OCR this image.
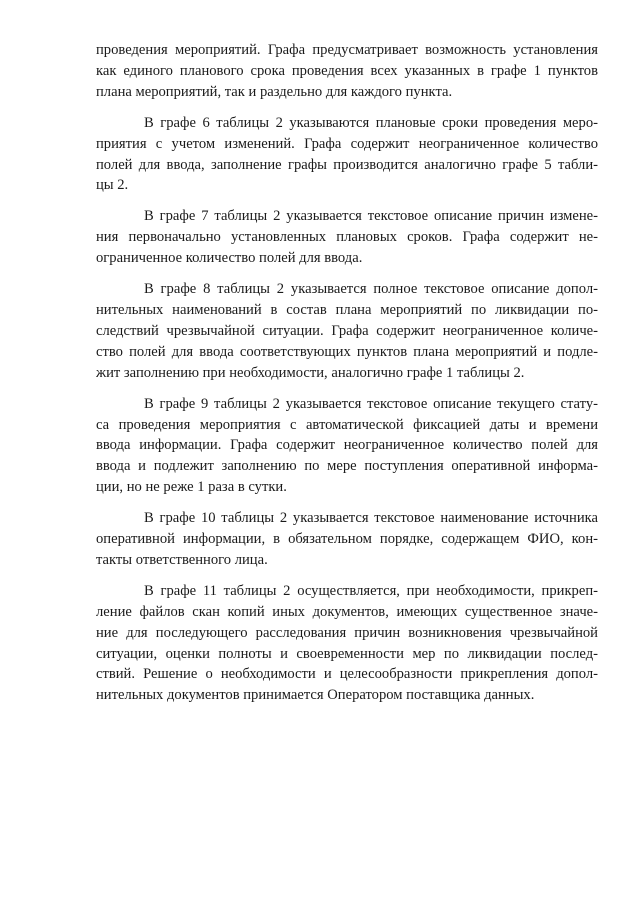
проведения мероприятий. Графа предусматривает возможность установления
как единого планового срока проведения всех указанных в графе 1 пунктов
плана мероприятий, так и раздельно для каждого пункта.
В графе 6 таблицы 2 указываются плановые сроки проведения меро-
приятия с учетом изменений. Графа содержит неограниченное количество
полей для ввода, заполнение графы производится аналогично графе 5 табли-
цы 2.
В графе 7 таблицы 2 указывается текстовое описание причин измене-
ния первоначально установленных плановых сроков. Графа содержит не-
ограниченное количество полей для ввода.
В графе 8 таблицы 2 указывается полное текстовое описание допол-
нительных наименований в состав плана мероприятий по ликвидации по-
следствий чрезвычайной ситуации. Графа содержит неограниченное количе-
ство полей для ввода соответствующих пунктов плана мероприятий и подле-
жит заполнению при необходимости, аналогично графе 1 таблицы 2.
В графе 9 таблицы 2 указывается текстовое описание текущего стату-
са проведения мероприятия с автоматической фиксацией даты и времени
ввода информации. Графа содержит неограниченное количество полей для
ввода и подлежит заполнению по мере поступления оперативной информа-
ции, но не реже 1 раза в сутки.
В графе 10 таблицы 2 указывается текстовое наименование источника
оперативной информации, в обязательном порядке, содержащем ФИО, кон-
такты ответственного лица.
В графе 11 таблицы 2 осуществляется, при необходимости, прикреп-
ление файлов скан копий иных документов, имеющих существенное значе-
ние для последующего расследования причин возникновения чрезвычайной
ситуации, оценки полноты и своевременности мер по ликвидации послед-
ствий. Решение о необходимости и целесообразности прикрепления допол-
нительных документов принимается Оператором поставщика данных.
